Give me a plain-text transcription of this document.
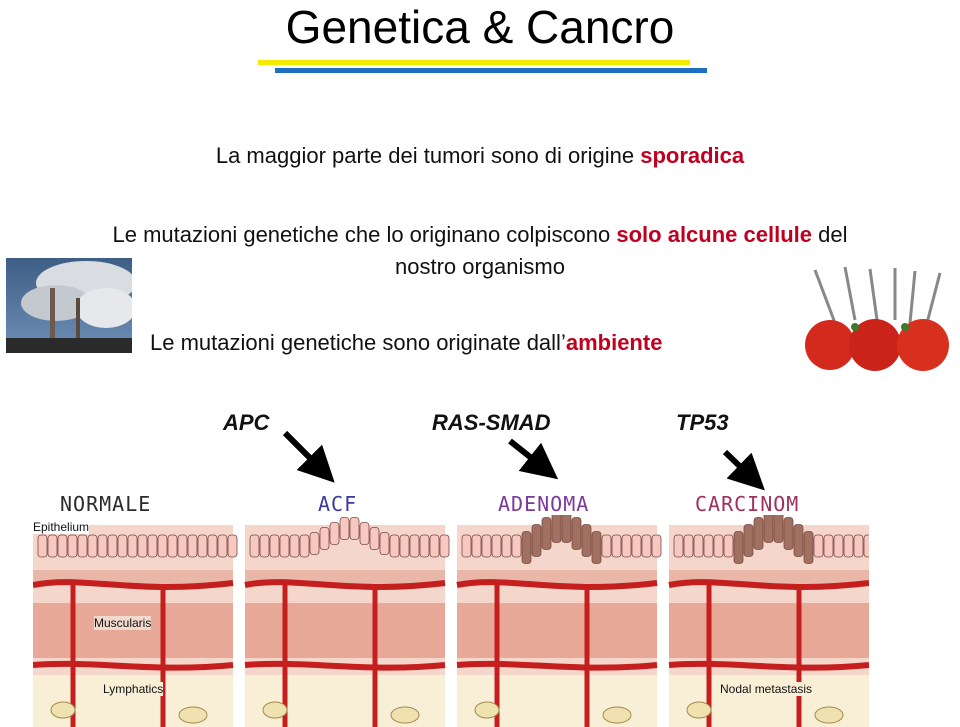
Genetica & Cancro
La maggior parte dei tumori sono di origine sporadica
Le mutazioni genetiche che lo originano colpiscono solo alcune cellule del
nostro organismo
Le mutazioni genetiche sono originate dall’ambiente
APC	RAS-SMAD	TP53
NORMALE	ACF	ADENOMA	CARCINOM
Epithelium
Muscularis
Lymphatics	Nodal metastasis
